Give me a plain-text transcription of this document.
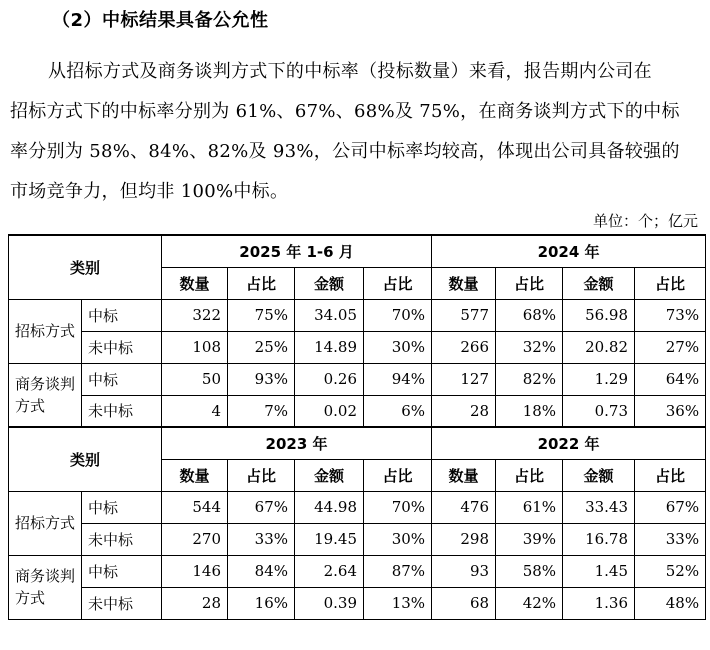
（2）中标结果具备公允性

从招标方式及商务谈判方式下的中标率（投标数量）来看，报告期内公司在

招标方式下的中标率分别为 61%、67%、68%及 75%，在商务谈判方式下的中标

率分别为 58%、84%、82%及 93%，公司中标率均较高，体现出公司具备较强的

市场竞争力，但均非 100%中标。

单位：个；亿元
类别		2025 年 1-6 月				2024 年			
		数量	占比	金额	占比	数量	占比	金额	占比
招标方式	中标	322	75%	34.05	70%	577	68%	56.98	73%
	未中标	108	25%	14.89	30%	266	32%	20.82	27%
商务谈判方式	中标	50	93%	0.26	94%	127	82%	1.29	64%
	未中标	4	7%	0.02	6%	28	18%	0.73	36%
类别		2023 年				2022 年			
		数量	占比	金额	占比	数量	占比	金额	占比
招标方式	中标	544	67%	44.98	70%	476	61%	33.43	67%
	未中标	270	33%	19.45	30%	298	39%	16.78	33%
商务谈判方式	中标	146	84%	2.64	87%	93	58%	1.45	52%
	未中标	28	16%	0.39	13%	68	42%	1.36	48%
